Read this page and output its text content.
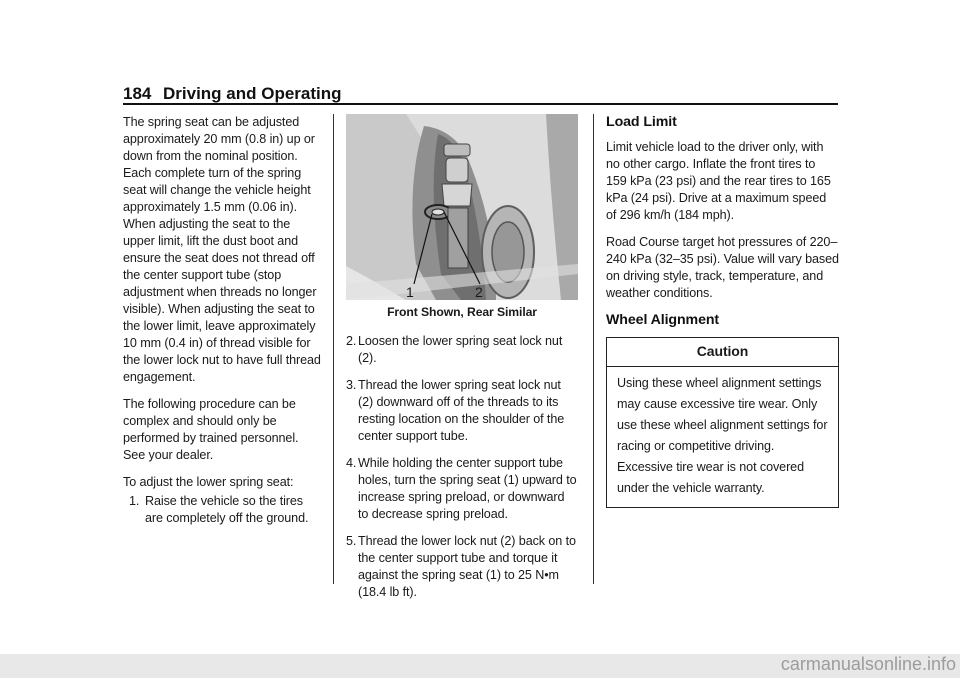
184 Driving and Operating

The spring seat can be adjusted approximately 20 mm (0.8 in) up or down from the nominal position. Each complete turn of the spring seat will change the vehicle height approximately 1.5 mm (0.06 in). When adjusting the seat to the upper limit, lift the dust boot and ensure the seat does not thread off the center support tube (stop adjustment when threads no longer visible). When adjusting the seat to the lower limit, leave approximately 10 mm (0.4 in) of thread visible for the lower lock nut to have full thread engagement.

The following procedure can be complex and should only be performed by trained personnel. See your dealer.

To adjust the lower spring seat:

1. Raise the vehicle so the tires are completely off the ground.
1	2
Front Shown, Rear Similar
2. Loosen the lower spring seat lock nut (2).
3. Thread the lower spring seat lock nut (2) downward off of the threads to its resting location on the shoulder of the center support tube.
4. While holding the center support tube holes, turn the spring seat (1) upward to increase spring preload, or downward to decrease spring preload.
5. Thread the lower lock nut (2) back on to the center support tube and torque it against the spring seat (1) to 25 N•m (18.4 lb ft).
Load Limit

Limit vehicle load to the driver only, with no other cargo. Inflate the front tires to 159 kPa (23 psi) and the rear tires to 165 kPa (24 psi). Drive at a maximum speed of 296 km/h (184 mph).

Road Course target hot pressures of 220–240 kPa (32–35 psi). Value will vary based on driving style, track, temperature, and weather conditions.

Wheel Alignment
Caution
Using these wheel alignment settings may cause excessive tire wear. Only use these wheel alignment settings for racing or competitive driving. Excessive tire wear is not covered under the vehicle warranty.
carmanualsonline.info
